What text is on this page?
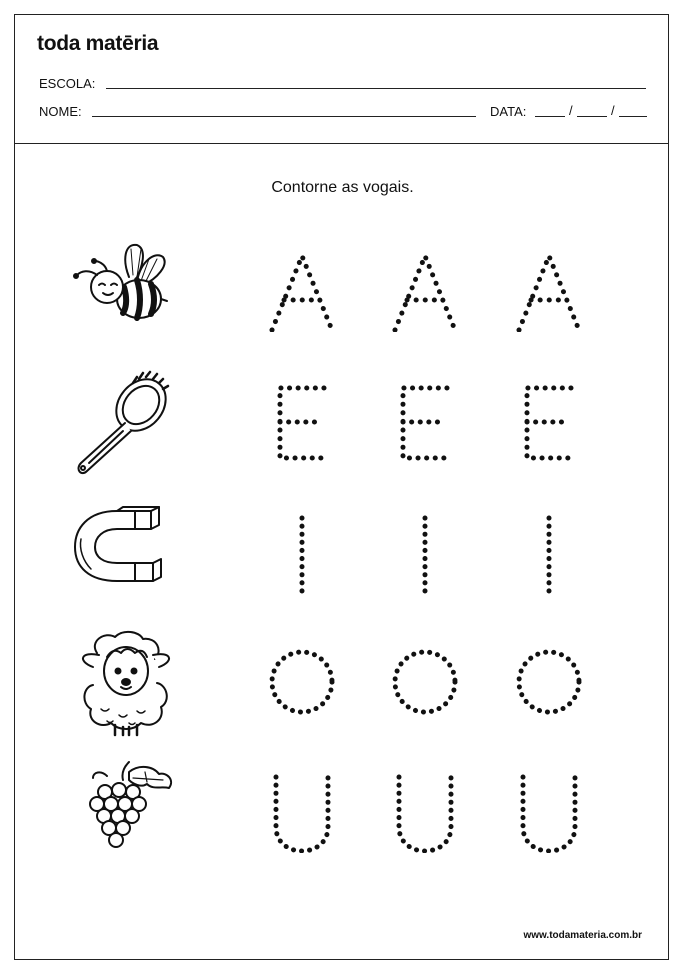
toda matēria
ESCOLA:
NOME:	DATA:	/	/
Contorne as vogais.
www.todamateria.com.br
